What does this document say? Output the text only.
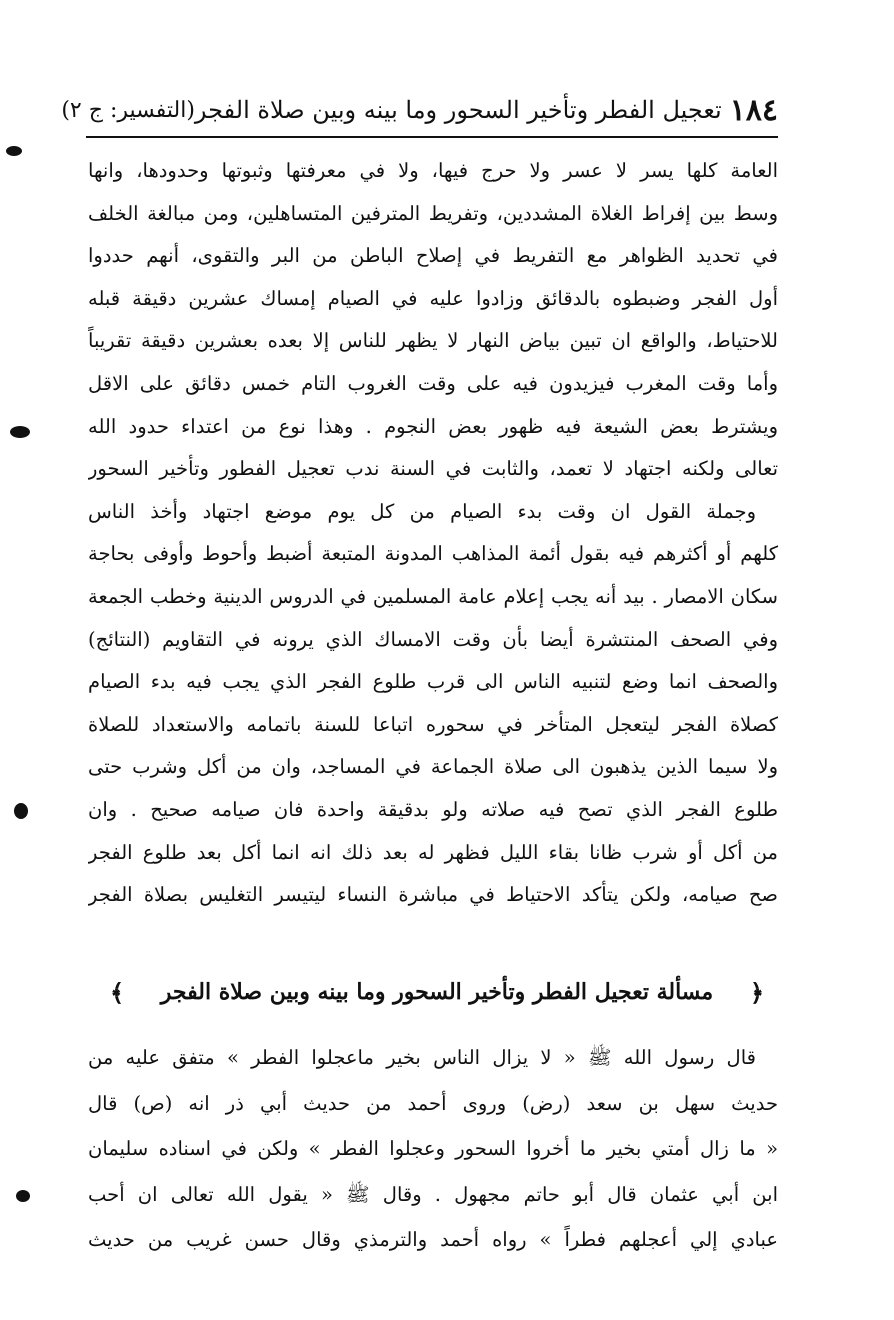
١٨٤
تعجيل الفطر وتأخير السحور وما بينه وبين صلاة الفجر
(التفسير: ج ٢)
العامة كلها يسر لا عسر ولا حرج فيها، ولا في معرفتها وثبوتها وحدودها، وانها
وسط بين إفراط الغلاة المشددين، وتفريط المترفين المتساهلين، ومن مبالغة الخلف
في تحديد الظواهر مع التفريط في إصلاح الباطن من البر والتقوى، أنهم حددوا
أول الفجر وضبطوه بالدقائق وزادوا عليه في الصيام إمساك عشرين دقيقة قبله
للاحتياط، والواقع ان تبين بياض النهار لا يظهر للناس إلا بعده بعشرين دقيقة تقريباً
وأما وقت المغرب فيزيدون فيه على وقت الغروب التام خمس دقائق على الاقل
ويشترط بعض الشيعة فيه ظهور بعض النجوم . وهذا نوع من اعتداء حدود الله
تعالى ولكنه اجتهاد لا تعمد، والثابت في السنة ندب تعجيل الفطور وتأخير السحور
وجملة القول ان وقت بدء الصيام من كل يوم موضع اجتهاد وأخذ الناس
كلهم أو أكثرهم فيه بقول أئمة المذاهب المدونة المتبعة أضبط وأحوط وأوفى بحاجة
سكان الامصار . بيد أنه يجب إعلام عامة المسلمين في الدروس الدينية وخطب الجمعة
وفي الصحف المنتشرة أيضا بأن وقت الامساك الذي يرونه في التقاويم (النتائج)
والصحف انما وضع لتنبيه الناس الى قرب طلوع الفجر الذي يجب فيه بدء الصيام
كصلاة الفجر ليتعجل المتأخر في سحوره اتباعا للسنة باتمامه والاستعداد للصلاة
ولا سيما الذين يذهبون الى صلاة الجماعة في المساجد، وان من أكل وشرب حتى
طلوع الفجر الذي تصح فيه صلاته ولو بدقيقة واحدة فان صيامه صحيح . وان
من أكل أو شرب ظانا بقاء الليل فظهر له بعد ذلك انه انما أكل بعد طلوع الفجر
صح صيامه، ولكن يتأكد الاحتياط في مباشرة النساء ليتيسر التغليس بصلاة الفجر
﴿
مسألة تعجيل الفطر وتأخير السحور وما بينه وبين صلاة الفجر
﴾
قال رسول الله ﷺ « لا يزال الناس بخير ماعجلوا الفطر » متفق عليه من
حديث سهل بن سعد (رض) وروى أحمد من حديث أبي ذر انه (ص) قال
« ما زال أمتي بخير ما أخروا السحور وعجلوا الفطر » ولكن في اسناده سليمان
ابن أبي عثمان قال أبو حاتم مجهول . وقال ﷺ « يقول الله تعالى ان أحب
عبادي إلي أعجلهم فطراً » رواه أحمد والترمذي وقال حسن غريب من حديث
